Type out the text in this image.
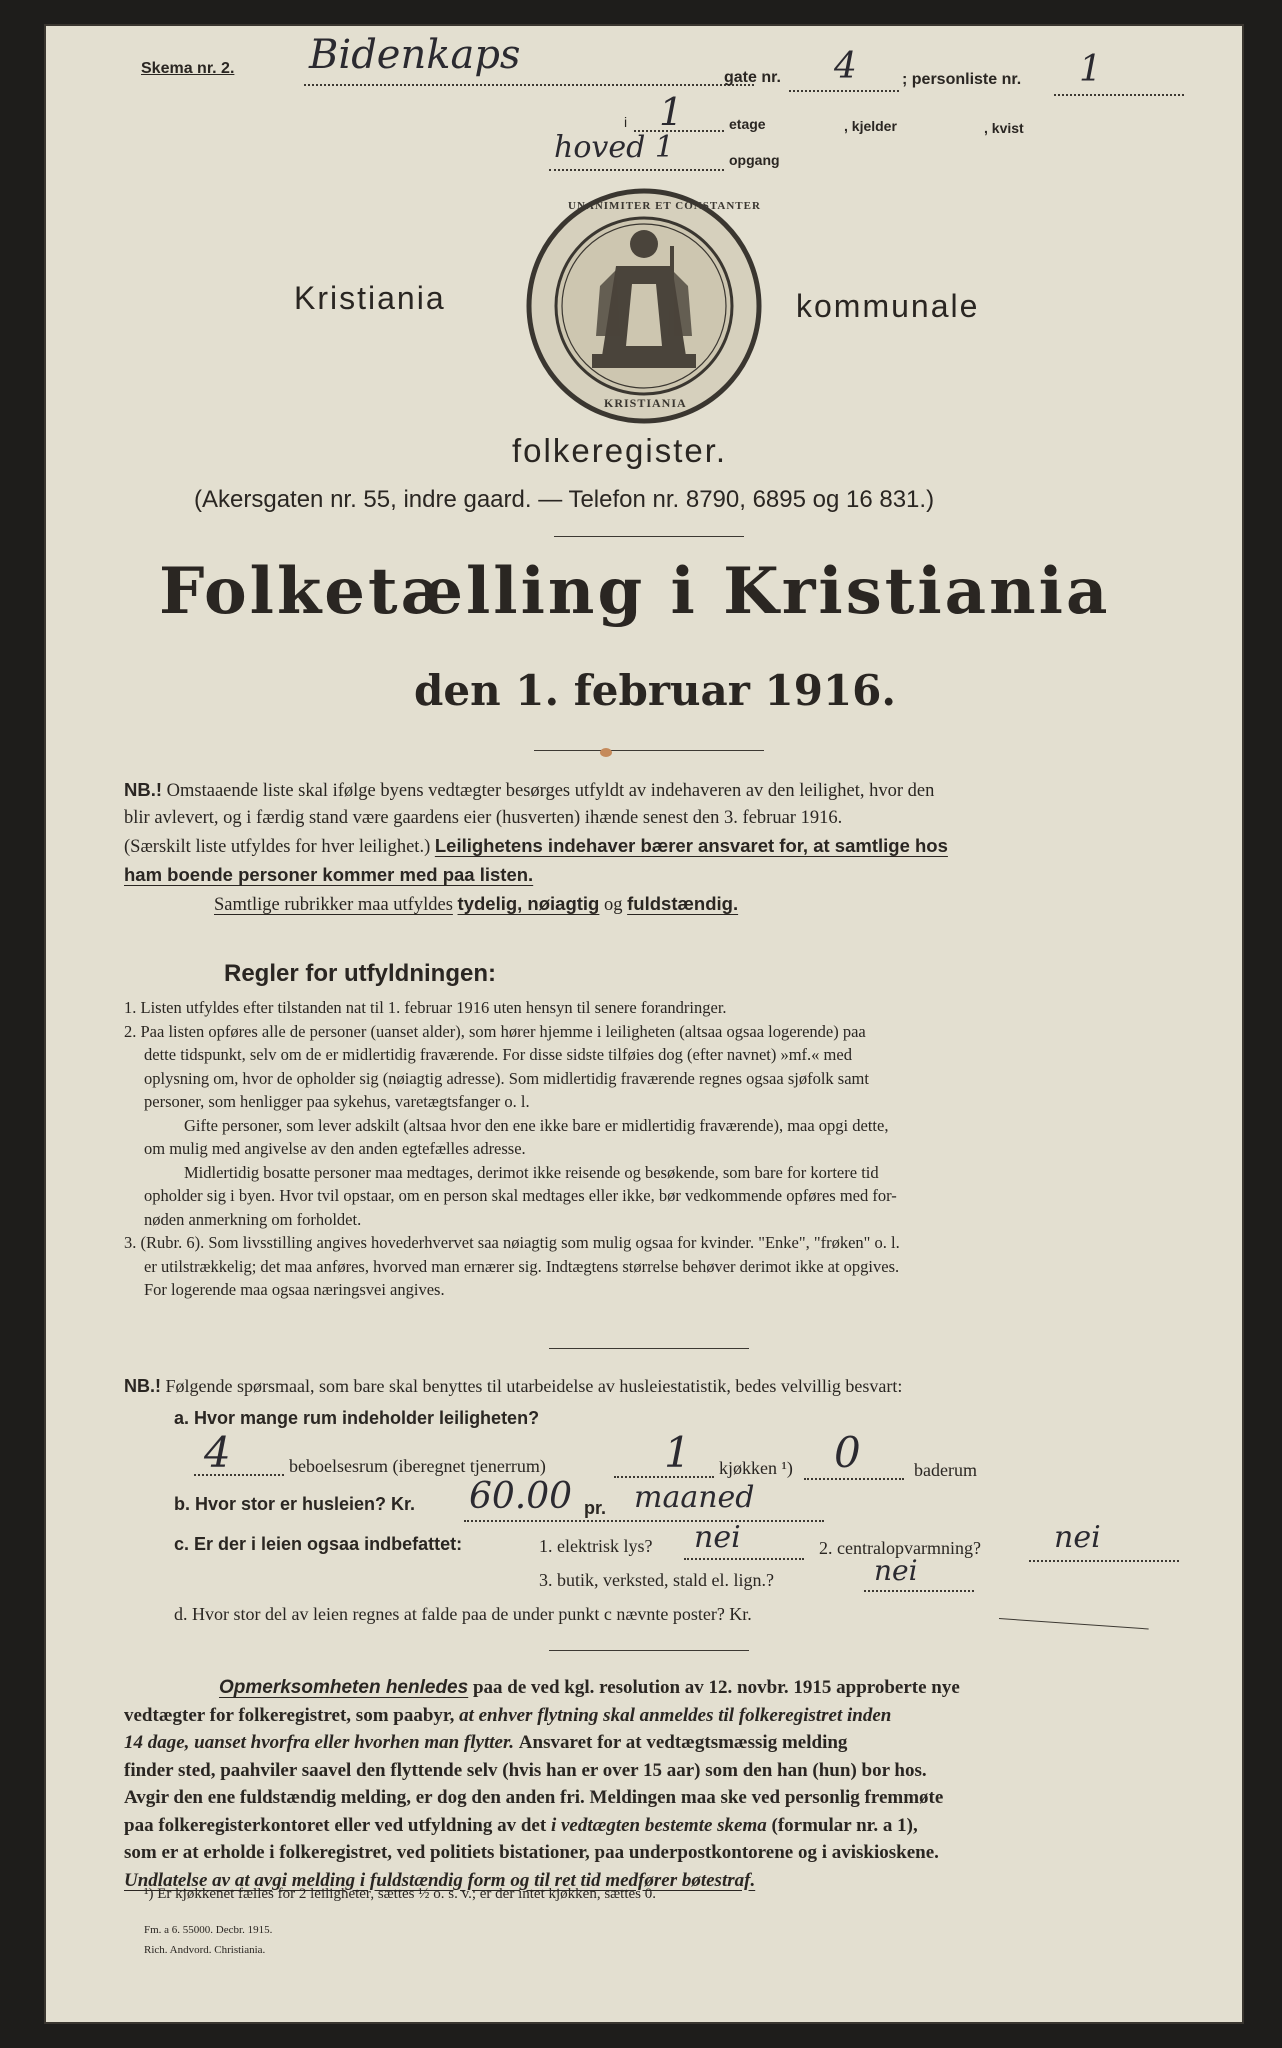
Skema nr. 2. Bidenkaps	gate nr. 4	; personliste nr. 1
i 1	etage	, kjelder	, kvist
hoved 1	opgang
Kristiania
UNANIMITER ET CONSTANTER
KRISTIANIA
kommunale
folkeregister.
(Akersgaten nr. 55, indre gaard. — Telefon nr. 8790, 6895 og 16 831.)
Folketælling i Kristiania
den 1. februar 1916.
NB.! Omstaaende liste skal ifølge byens vedtægter besørges utfyldt av indehaveren av den leilighet, hvor den
blir avlevert, og i færdig stand være gaardens eier (husverten) ihænde senest den 3. februar 1916.
(Særskilt liste utfyldes for hver leilighet.) Leilighetens indehaver bærer ansvaret for, at samtlige hos
ham boende personer kommer med paa listen.
Samtlige rubrikker maa utfyldes tydelig, nøiagtig og fuldstændig.
Regler for utfyldningen:
1. Listen utfyldes efter tilstanden nat til 1. februar 1916 uten hensyn til senere forandringer.
2. Paa listen opføres alle de personer (uanset alder), som hører hjemme i leiligheten (altsaa ogsaa logerende) paa
dette tidspunkt, selv om de er midlertidig fraværende. For disse sidste tilføies dog (efter navnet) »mf.« med
oplysning om, hvor de opholder sig (nøiagtig adresse). Som midlertidig fraværende regnes ogsaa sjøfolk samt
personer, som henligger paa sykehus, varetægtsfanger o. l.
Gifte personer, som lever adskilt (altsaa hvor den ene ikke bare er midlertidig fraværende), maa opgi dette,
om mulig med angivelse av den anden egtefælles adresse.
Midlertidig bosatte personer maa medtages, derimot ikke reisende og besøkende, som bare for kortere tid
opholder sig i byen. Hvor tvil opstaar, om en person skal medtages eller ikke, bør vedkommende opføres med for-
nøden anmerkning om forholdet.
3. (Rubr. 6). Som livsstilling angives hovederhvervet saa nøiagtig som mulig ogsaa for kvinder. "Enke", "frøken" o. l.
er utilstrækkelig; det maa anføres, hvorved man ernærer sig. Indtægtens størrelse behøver derimot ikke at opgives.
For logerende maa ogsaa næringsvei angives.
NB.! Følgende spørsmaal, som bare skal benyttes til utarbeidelse av husleiestatistik, bedes velvillig besvart:
a. Hvor mange rum indeholder leiligheten?
4	beboelsesrum (iberegnet tjenerrum)	1 kjøkken ¹) 0	baderum
b. Hvor stor er husleien? Kr. 60.00 pr. maaned
c. Er der i leien ogsaa indbefattet:	1. elektrisk lys? nei	2. centralopvarmning? nei
3. butik, verksted, stald el. lign.?	nei
d. Hvor stor del av leien regnes at falde paa de under punkt c nævnte poster? Kr.
Opmerksomheten henledes paa de ved kgl. resolution av 12. novbr. 1915 approberte nye
vedtægter for folkeregistret, som paabyr, at enhver flytning skal anmeldes til folkeregistret inden
14 dage, uanset hvorfra eller hvorhen man flytter. Ansvaret for at vedtægtsmæssig melding
finder sted, paahviler saavel den flyttende selv (hvis han er over 15 aar) som den han (hun) bor hos.
Avgir den ene fuldstændig melding, er dog den anden fri. Meldingen maa ske ved personlig fremmøte
paa folkeregisterkontoret eller ved utfyldning av det i vedtægten bestemte skema (formular nr. a 1),
som er at erholde i folkeregistret, ved politiets bistationer, paa underpostkontorene og i aviskioskene.
Undlatelse av at avgi melding i fuldstændig form og til ret tid medfører bøtestraf.
¹) Er kjøkkenet fælles for 2 leiligheter, sættes ½ o. s. v.; er der intet kjøkken, sættes 0.
Fm. a 6. 55000. Decbr. 1915.
Rich. Andvord. Christiania.
